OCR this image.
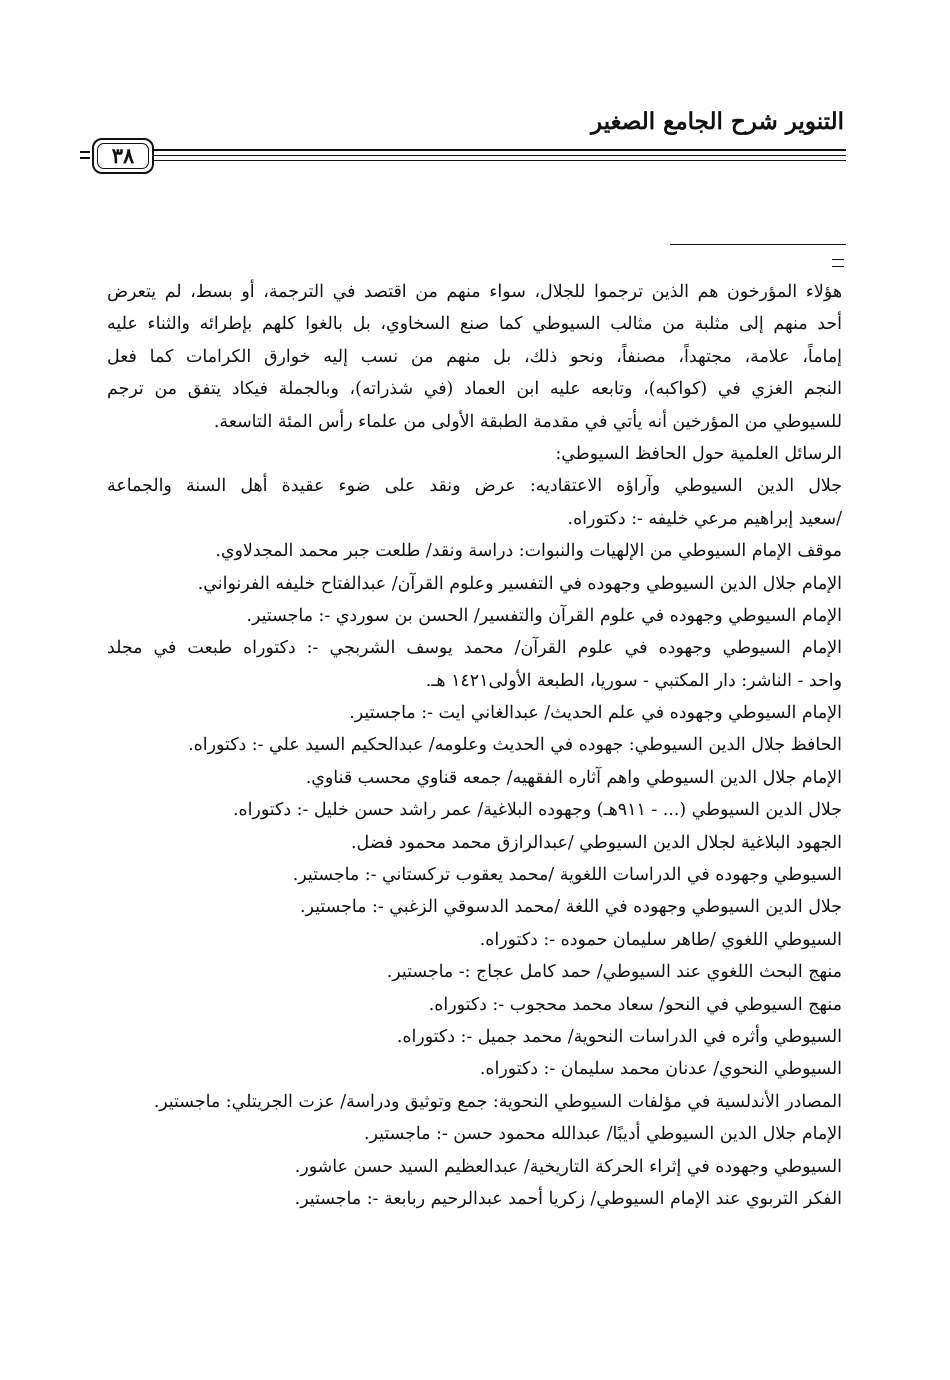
التنوير شرح الجامع الصغير
٣٨
هؤلاء المؤرخون هم الذين ترجموا للجلال، سواء منهم من اقتصد في الترجمة، أو بسط، لم يتعرض
أحد منهم إلى مثلبة من مثالب السيوطي كما صنع السخاوي، بل بالغوا كلهم بإطرائه والثناء عليه
إماماً، علامة، مجتهداً، مصنفاً، ونحو ذلك، بل منهم من نسب إليه خوارق الكرامات كما فعل
النجم الغزي في (كواكبه)، وتابعه عليه ابن العماد (في شذراته)، وبالجملة فيكاد يتفق من ترجم
للسيوطي من المؤرخين أنه يأتي في مقدمة الطبقة الأولى من علماء رأس المئة التاسعة.
الرسائل العلمية حول الحافظ السيوطي:
جلال الدين السيوطي وآراؤه الاعتقاديه: عرض ونقد على ضوء عقيدة أهل السنة والجماعة
/سعيد إبراهيم مرعي خليفه -: دكتوراه.
موقف الإمام السيوطي من الإلهيات والنبوات: دراسة ونقد/ طلعت جبر محمد المجدلاوي.
الإمام جلال الدين السيوطي وجهوده في التفسير وعلوم القرآن/ عبدالفتاح خليفه الفرنواني.
الإمام السيوطي وجهوده في علوم القرآن والتفسير/ الحسن بن سوردي -: ماجستير.
الإمام السيوطي وجهوده في علوم القرآن/ محمد يوسف الشربجي -: دكتوراه طبعت في مجلد
واحد - الناشر: دار المكتبي - سوريا، الطبعة الأولى١٤٢١ هـ.
الإمام السيوطي وجهوده في علم الحديث/ عبدالغاني ايت -: ماجستير.
الحافظ جلال الدين السيوطي: جهوده في الحديث وعلومه/ عبدالحكيم السيد علي -: دكتوراه.
الإمام جلال الدين السيوطي واهم آثاره الفقهيه/ جمعه قناوي محسب قناوي.
جلال الدين السيوطي (... - ٩١١هـ) وجهوده البلاغية/ عمر راشد حسن خليل -: دكتوراه.
الجهود البلاغية لجلال الدين السيوطي /عبدالرازق محمد محمود فضل.
السيوطي وجهوده في الدراسات اللغوية /محمد يعقوب تركستاني -: ماجستير.
جلال الدين السيوطي وجهوده في اللغة /محمد الدسوقي الزغبي -: ماجستير.
السيوطي اللغوي /طاهر سليمان حموده -: دكتوراه.
منهج البحث اللغوي عند السيوطي/ حمد كامل عجاج :- ماجستير.
منهج السيوطي في النحو/ سعاد محمد محجوب -: دكتوراه.
السيوطي وأثره في الدراسات النحوية/ محمد جميل -: دكتوراه.
السيوطي النحوي/ عدنان محمد سليمان -: دكتوراه.
المصادر الأندلسية في مؤلفات السيوطي النحوية: جمع وتوثيق ودراسة/ عزت الجريتلي: ماجستير.
الإمام جلال الدين السيوطي أديبًا/ عبدالله محمود حسن -: ماجستير.
السيوطي وجهوده في إثراء الحركة التاريخية/ عبدالعظيم السيد حسن عاشور.
الفكر التربوي عند الإمام السيوطي/ زكريا أحمد عبدالرحيم ربابعة -: ماجستير.
